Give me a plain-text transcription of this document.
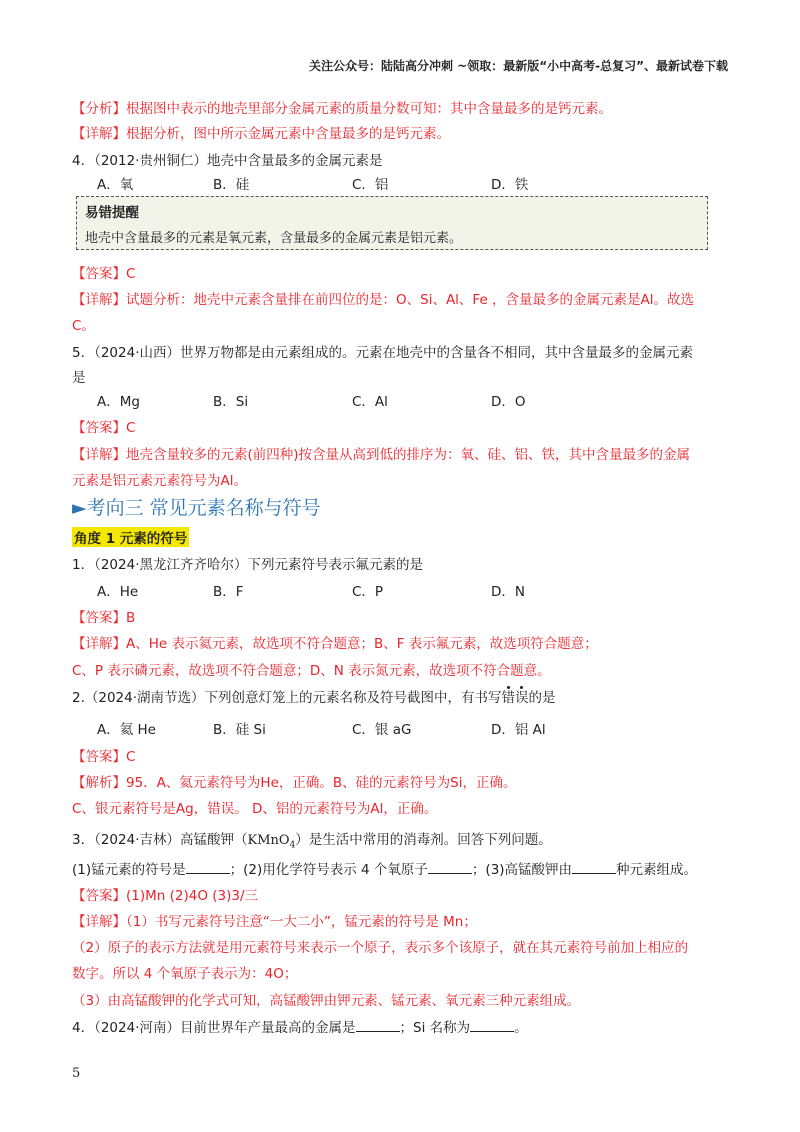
关注公众号：陆陆高分冲刺 ~领取：最新版“小中高考-总复习”、最新试卷下载
【分析】根据图中表示的地壳里部分金属元素的质量分数可知：其中含量最多的是钙元素。
【详解】根据分析，图中所示金属元素中含量最多的是钙元素。
4．（2012·贵州铜仁）地壳中含量最多的金属元素是
A．氧	B．硅	C．铝	D．铁
易错提醒
地壳中含量最多的元素是氧元素，含量最多的金属元素是铝元素。
【答案】C
【详解】试题分析：地壳中元素含量排在前四位的是：O、Si、Al、Fe ，含量最多的金属元素是Al。故选
C。
5．（2024·山西）世界万物都是由元素组成的。元素在地壳中的含量各不相同，其中含量最多的金属元素
是
A．Mg	B．Si	C．Al	D．O
【答案】C
【详解】地壳含量较多的元素(前四种)按含量从高到低的排序为：氧、硅、铝、铁，其中含量最多的金属
元素是铝元素元素符号为Al。
►考向三 常见元素名称与符号
角度 1 元素的符号
1．（2024·黑龙江齐齐哈尔）下列元素符号表示氟元素的是
A．He	B．F	C．P	D．N
【答案】B
【详解】A、He 表示氦元素，故选项不符合题意；B、F 表示氟元素，故选项符合题意；
C、P 表示磷元素，故选项不符合题意；D、N 表示氮元素，故选项不符合题意。
2.（2024·湖南节选）下列创意灯笼上的元素名称及符号截图中，有书写错误的是
A．氦 He	B．硅 Si	C．银 aG	D．铝 Al
【答案】C
【解析】95．A、氦元素符号为He，正确。B、硅的元素符号为Si，正确。
C、银元素符号是Ag，错误。 D、铝的元素符号为Al，正确。
3．（2024·吉林）高锰酸钾（KMnO$_4$）是生活中常用的消毒剂。回答下列问题。
(1)锰元素的符号是	；(2)用化学符号表示 4 个氧原子	；(3)高锰酸钾由	种元素组成。
【答案】(1)Mn (2)4O (3)3/三
【详解】（1）书写元素符号注意“一大二小”，锰元素的符号是 Mn；
（2）原子的表示方法就是用元素符号来表示一个原子，表示多个该原子，就在其元素符号前加上相应的
数字。所以 4 个氧原子表示为：4O；
（3）由高锰酸钾的化学式可知，高锰酸钾由钾元素、锰元素、氧元素三种元素组成。
4．（2024·河南）目前世界年产量最高的金属是	；Si 名称为	。
5
